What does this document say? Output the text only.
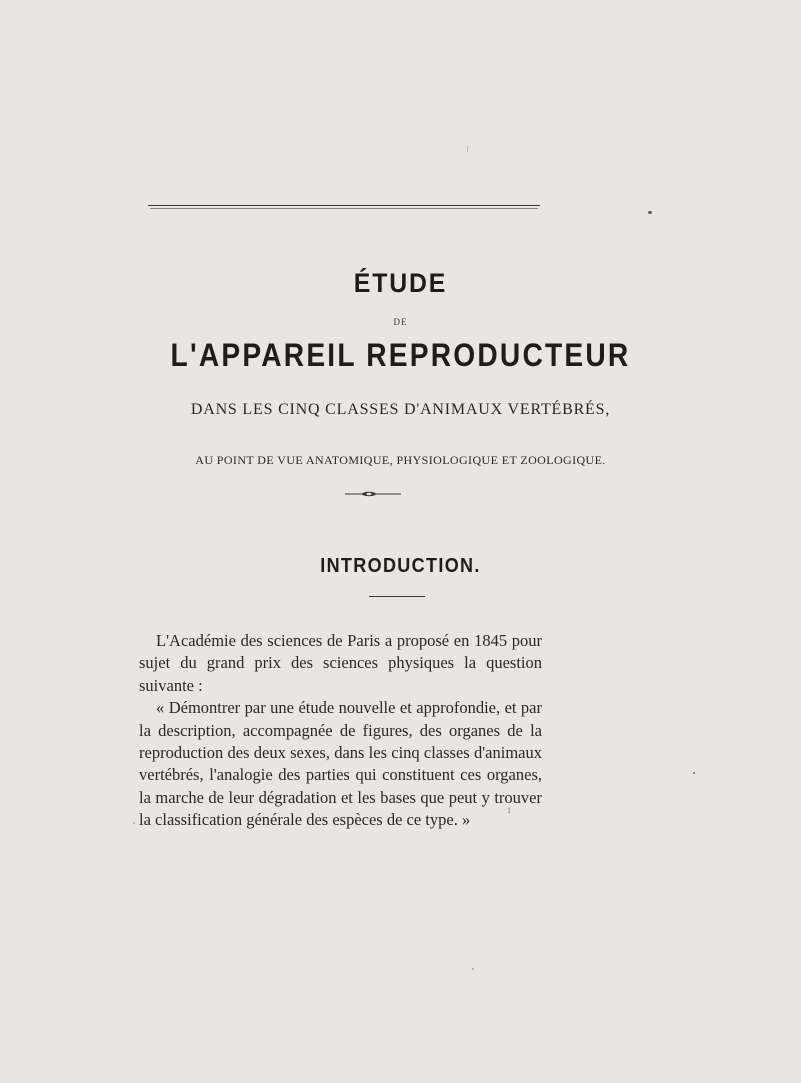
ÉTUDE
DE
L'APPAREIL REPRODUCTEUR
DANS LES CINQ CLASSES D'ANIMAUX VERTÉBRÉS,
AU POINT DE VUE ANATOMIQUE, PHYSIOLOGIQUE ET ZOOLOGIQUE.
INTRODUCTION.

L'Académie des sciences de Paris a proposé en 1845 pour sujet du grand prix des sciences physiques la question suivante :

« Démontrer par une étude nouvelle et approfondie, et par la description, accompagnée de figures, des organes de la reproduction des deux sexes, dans les cinq classes d'animaux vertébrés, l'analogie des parties qui constituent ces organes, la marche de leur dégradation et les bases que peut y trouver la classification générale des espèces de ce type. »	1
